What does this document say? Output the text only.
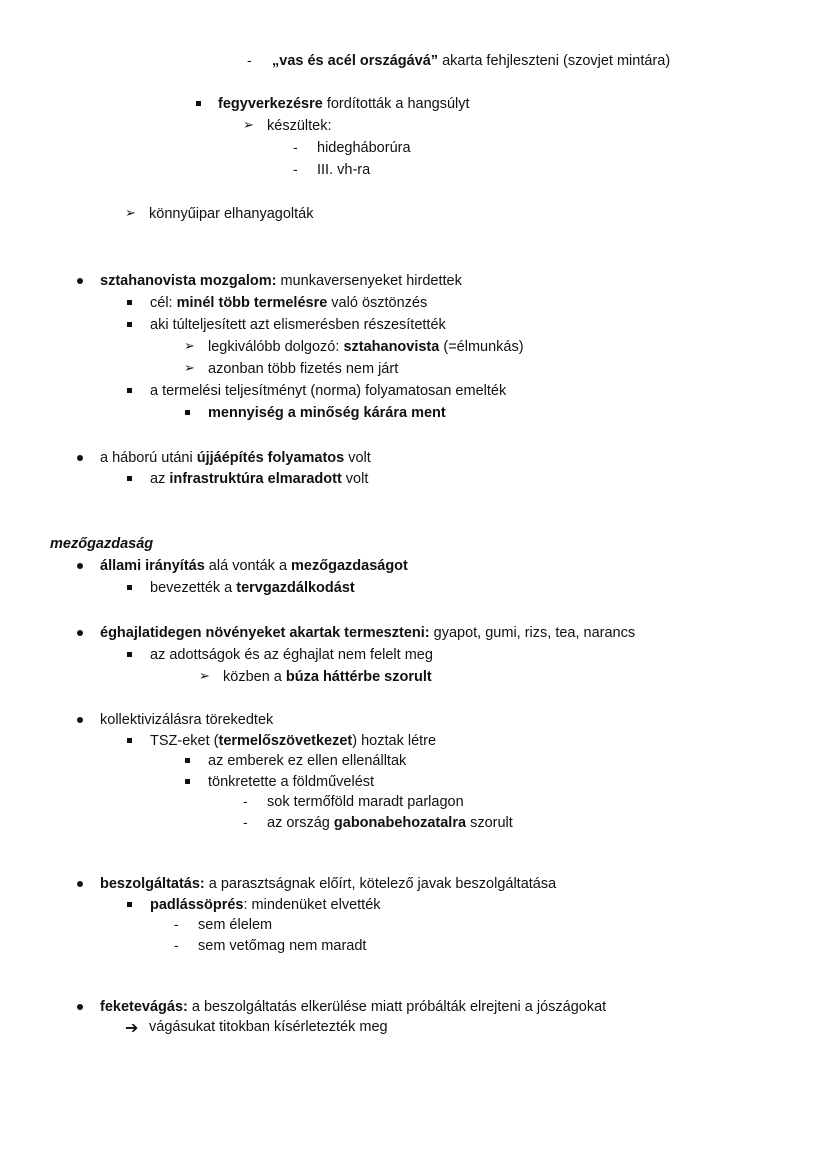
- „vas és acél országává” akarta fehjleszteni (szovjet mintára)
fegyverkezésre fordították a hangsúlyt
➢ készültek:
- hidegháborúra
- III. vh-ra
➢ könnyűipar elhanyagolták
sztahanovista mozgalom: munkaversenyeket hirdettek
cél: minél több termelésre való ösztönzés
aki túlteljesített azt elismerésben részesítették
➢ legkiválóbb dolgozó: sztahanovista (=élmunkás)
➢ azonban több fizetés nem járt
a termelési teljesítményt (norma) folyamatosan emelték
mennyiség a minőség kárára ment
a háború utáni újjáépítés folyamatos volt
az infrastruktúra elmaradott volt
mezőgazdaság
állami irányítás alá vonták a mezőgazdaságot
bevezették a tervgazdálkodást
éghajlatidegen növényeket akartak termeszteni: gyapot, gumi, rizs, tea, narancs
az adottságok és az éghajlat nem felelt meg
➢ közben a búza háttérbe szorult
kollektivizálásra törekedtek
TSZ-eket (termelőszövetkezet) hoztak létre
az emberek ez ellen ellenálltak
tönkretette a földművelést
- sok termőföld maradt parlagon
- az ország gabonabehozatalra szorult
beszolgáltatás: a parasztságnak előírt, kötelező javak beszolgáltatása
padlássöprés: mindenüket elvették
- sem élelem
- sem vetőmag nem maradt
feketevágás: a beszolgáltatás elkerülése miatt próbálták elrejteni a jószágokat
➔ vágásukat titokban kísérletezték meg
